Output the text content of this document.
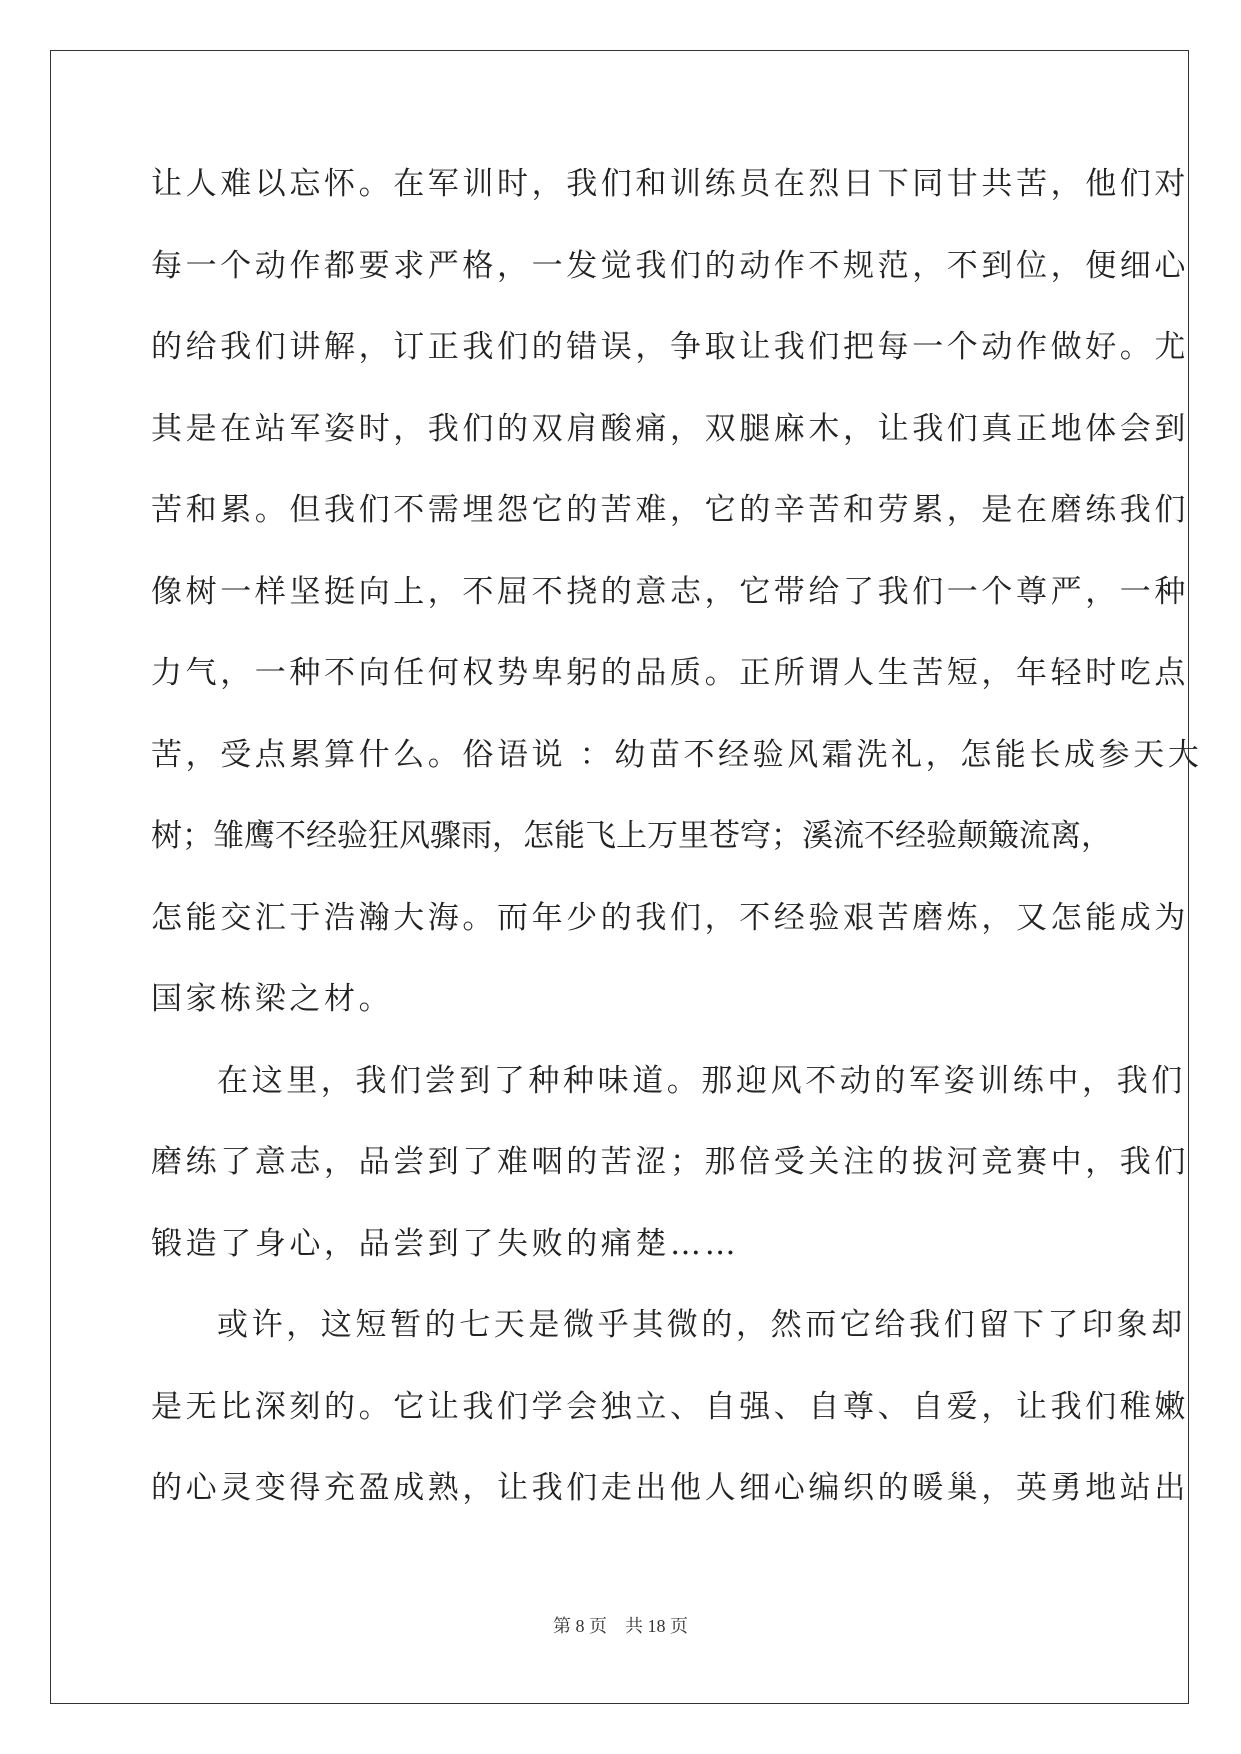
让人难以忘怀。在军训时，我们和训练员在烈日下同甘共苦，他们对
每一个动作都要求严格，一发觉我们的动作不规范，不到位，便细心
的给我们讲解，订正我们的错误，争取让我们把每一个动作做好。尤
其是在站军姿时，我们的双肩酸痛，双腿麻木，让我们真正地体会到
苦和累。但我们不需埋怨它的苦难，它的辛苦和劳累，是在磨练我们
像树一样坚挺向上，不屈不挠的意志，它带给了我们一个尊严，一种
力气，一种不向任何权势卑躬的品质。正所谓人生苦短，年轻时吃点
苦，受点累算什么。俗语说 ：幼苗不经验风霜洗礼，怎能长成参天大
树；雏鹰不经验狂风骤雨，怎能飞上万里苍穹；溪流不经验颠簸流离，
怎能交汇于浩瀚大海。而年少的我们，不经验艰苦磨炼，又怎能成为
国家栋梁之材。
在这里，我们尝到了种种味道。那迎风不动的军姿训练中，我们
磨练了意志，品尝到了难咽的苦涩；那倍受关注的拔河竞赛中，我们
锻造了身心，品尝到了失败的痛楚……
或许，这短暂的七天是微乎其微的，然而它给我们留下了印象却
是无比深刻的。它让我们学会独立、自强、自尊、自爱，让我们稚嫩
的心灵变得充盈成熟，让我们走出他人细心编织的暖巢，英勇地站出
第 8 页    共 18 页
